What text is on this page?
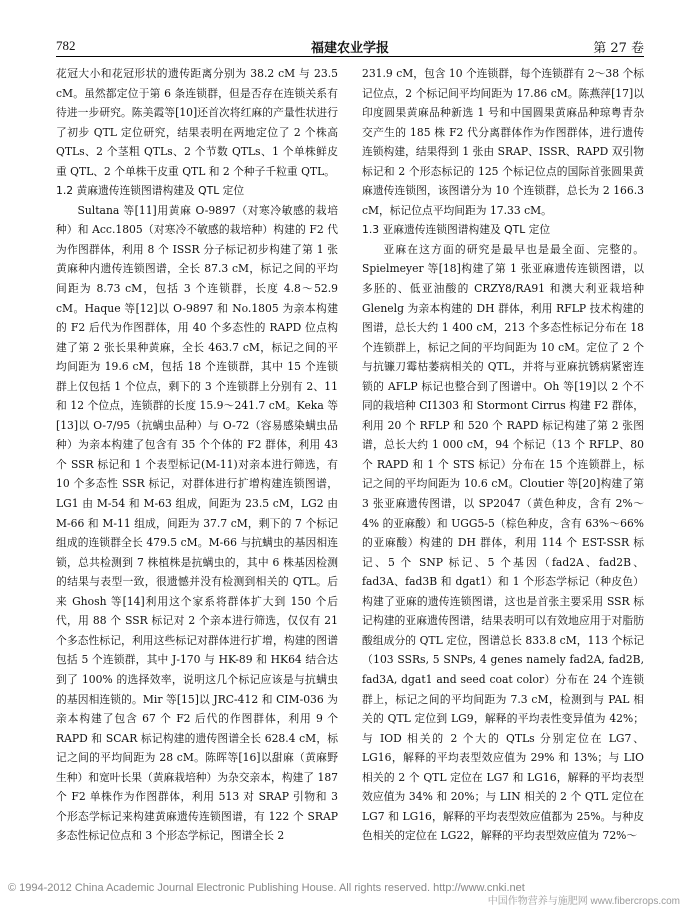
782	福建农业学报	第 27 卷

花冠大小和花冠形状的遗传距离分别为 38.2 cM 与 23.5 cM。虽然都定位于第 6 条连锁群，但是否存在连锁关系有待进一步研究。陈美霞等[10]还首次将红麻的产量性状进行了初步 QTL 定位研究，结果表明在两地定位了 2 个株高 QTLs、2 个茎粗 QTLs、2 个节数 QTLs、1 个单株鲜皮重 QTL、2 个单株干皮重 QTL 和 2 个种子千粒重 QTL。

1.2 黄麻遗传连锁图谱构建及 QTL 定位

Sultana 等[11]用黄麻 O-9897（对寒冷敏感的栽培种）和 Acc.1805（对寒冷不敏感的栽培种）构建的 F2 代为作图群体，利用 8 个 ISSR 分子标记初步构建了第 1 张黄麻种内遗传连锁图谱，全长 87.3 cM，标记之间的平均间距为 8.73 cM，包括 3 个连锁群，长度 4.8～52.9 cM。Haque 等[12]以 O-9897 和 No.1805 为亲本构建的 F2 后代为作图群体，用 40 个多态性的 RAPD 位点构建了第 2 张长果种黄麻，全长 463.7 cM，标记之间的平均间距为 19.6 cM，包括 18 个连锁群，其中 15 个连锁群上仅包括 1 个位点，剩下的 3 个连锁群上分别有 2、11 和 12 个位点，连锁群的长度 15.9～241.7 cM。Keka 等[13]以 O-7/95（抗螨虫品种）与 O-72（容易感染螨虫品种）为亲本构建了包含有 35 个个体的 F2 群体，利用 43 个 SSR 标记和 1 个表型标记(M-11)对亲本进行筛选，有 10 个多态性 SSR 标记，对群体进行扩增构建连锁图谱，LG1 由 M-54 和 M-63 组成，间距为 23.5 cM，LG2 由 M-66 和 M-11 组成，间距为 37.7 cM，剩下的 7 个标记组成的连锁群全长 479.5 cM。M-66 与抗螨虫的基因相连锁，总共检测到 7 株植株是抗螨虫的，其中 6 株基因检测的结果与表型一致，很遗憾并没有检测到相关的 QTL。后来 Ghosh 等[14]利用这个家系将群体扩大到 150 个后代，用 88 个 SSR 标记对 2 个亲本进行筛选，仅仅有 21 个多态性标记，利用这些标记对群体进行扩增，构建的图谱包括 5 个连锁群，其中 J-170 与 HK-89 和 HK64 结合达到了 100% 的选择效率，说明这几个标记应该是与抗螨虫的基因相连锁的。Mir 等[15]以 JRC-412 和 CIM-036 为亲本构建了包含 67 个 F2 后代的作图群体，利用 9 个 RAPD 和 SCAR 标记构建的遗传图谱全长 628.4 cM，标记之间的平均间距为 28 cM。陈晖等[16]以甜麻（黄麻野生种）和宽叶长果（黄麻栽培种）为杂交亲本，构建了 187 个 F2 单株作为作图群体，利用 513 对 SRAP 引物和 3 个形态学标记来构建黄麻遗传连锁图谱，有 122 个 SRAP 多态性标记位点和 3 个形态学标记，图谱全长 2

231.9 cM，包含 10 个连锁群，每个连锁群有 2～38 个标记位点，2 个标记间平均间距为 17.86 cM。陈燕萍[17]以印度圆果黄麻品种新选 1 号和中国圆果黄麻品种琼粤青杂交产生的 185 株 F2 代分离群体作为作图群体，进行遗传连锁构建，结果得到 1 张由 SRAP、ISSR、RAPD 双引物标记和 2 个形态标记的 125 个标记位点的国际首张圆果黄麻遗传连锁图，该图谱分为 10 个连锁群，总长为 2 166.3 cM，标记位点平均间距为 17.33 cM。

1.3 亚麻遗传连锁图谱构建及 QTL 定位

亚麻在这方面的研究是最早也是最全面、完整的。Spielmeyer 等[18]构建了第 1 张亚麻遗传连锁图谱，以多胚的、低亚油酸的 CRZY8/RA91 和澳大利亚栽培种 Glenelg 为亲本构建的 DH 群体，利用 RFLP 技术构建的图谱，总长大约 1 400 cM，213 个多态性标记分布在 18 个连锁群上，标记之间的平均间距为 10 cM。定位了 2 个与抗镰刀霉枯萎病相关的 QTL，并将与亚麻抗锈病紧密连锁的 AFLP 标记也整合到了图谱中。Oh 等[19]以 2 个不同的栽培种 CI1303 和 Stormont Cirrus 构建 F2 群体，利用 20 个 RFLP 和 520 个 RAPD 标记构建了第 2 张图谱，总长大约 1 000 cM，94 个标记（13 个 RFLP、80 个 RAPD 和 1 个 STS 标记）分布在 15 个连锁群上，标记之间的平均间距为 10.6 cM。Cloutier 等[20]构建了第 3 张亚麻遗传图谱，以 SP2047（黄色种皮，含有 2%～4% 的亚麻酸）和 UGG5-5（棕色种皮，含有 63%～66% 的亚麻酸）构建的 DH 群体，利用 114 个 EST-SSR 标记、5 个 SNP 标记、5 个基因（fad2A、fad2B、fad3A、fad3B 和 dgat1）和 1 个形态学标记（种皮色）构建了亚麻的遗传连锁图谱，这也是首张主要采用 SSR 标记构建的亚麻遗传图谱，结果表明可以有效地应用于对脂肪酸组成分的 QTL 定位，图谱总长 833.8 cM，113 个标记（103 SSRs, 5 SNPs, 4 genes namely fad2A, fad2B, fad3A, dgat1 and seed coat color）分布在 24 个连锁群上，标记之间的平均间距为 7.3 cM，检测到与 PAL 相关的 QTL 定位到 LG9，解释的平均表性变异值为 42%；与 IOD 相关的 2 个大的 QTLs 分别定位在 LG7、LG16，解释的平均表型效应值为 29% 和 13%；与 LIO 相关的 2 个 QTL 定位在 LG7 和 LG16，解释的平均表型效应值为 34% 和 20%；与 LIN 相关的 2 个 QTL 定位在 LG7 和 LG16，解释的平均表型效应值都为 25%。与种皮色相关的定位在 LG22，解释的平均表型效应值为 72%～

© 1994-2012 China Academic Journal Electronic Publishing House. All rights reserved. http://www.cnki.net
中国作物营养与施肥网 www.fibercrops.com
